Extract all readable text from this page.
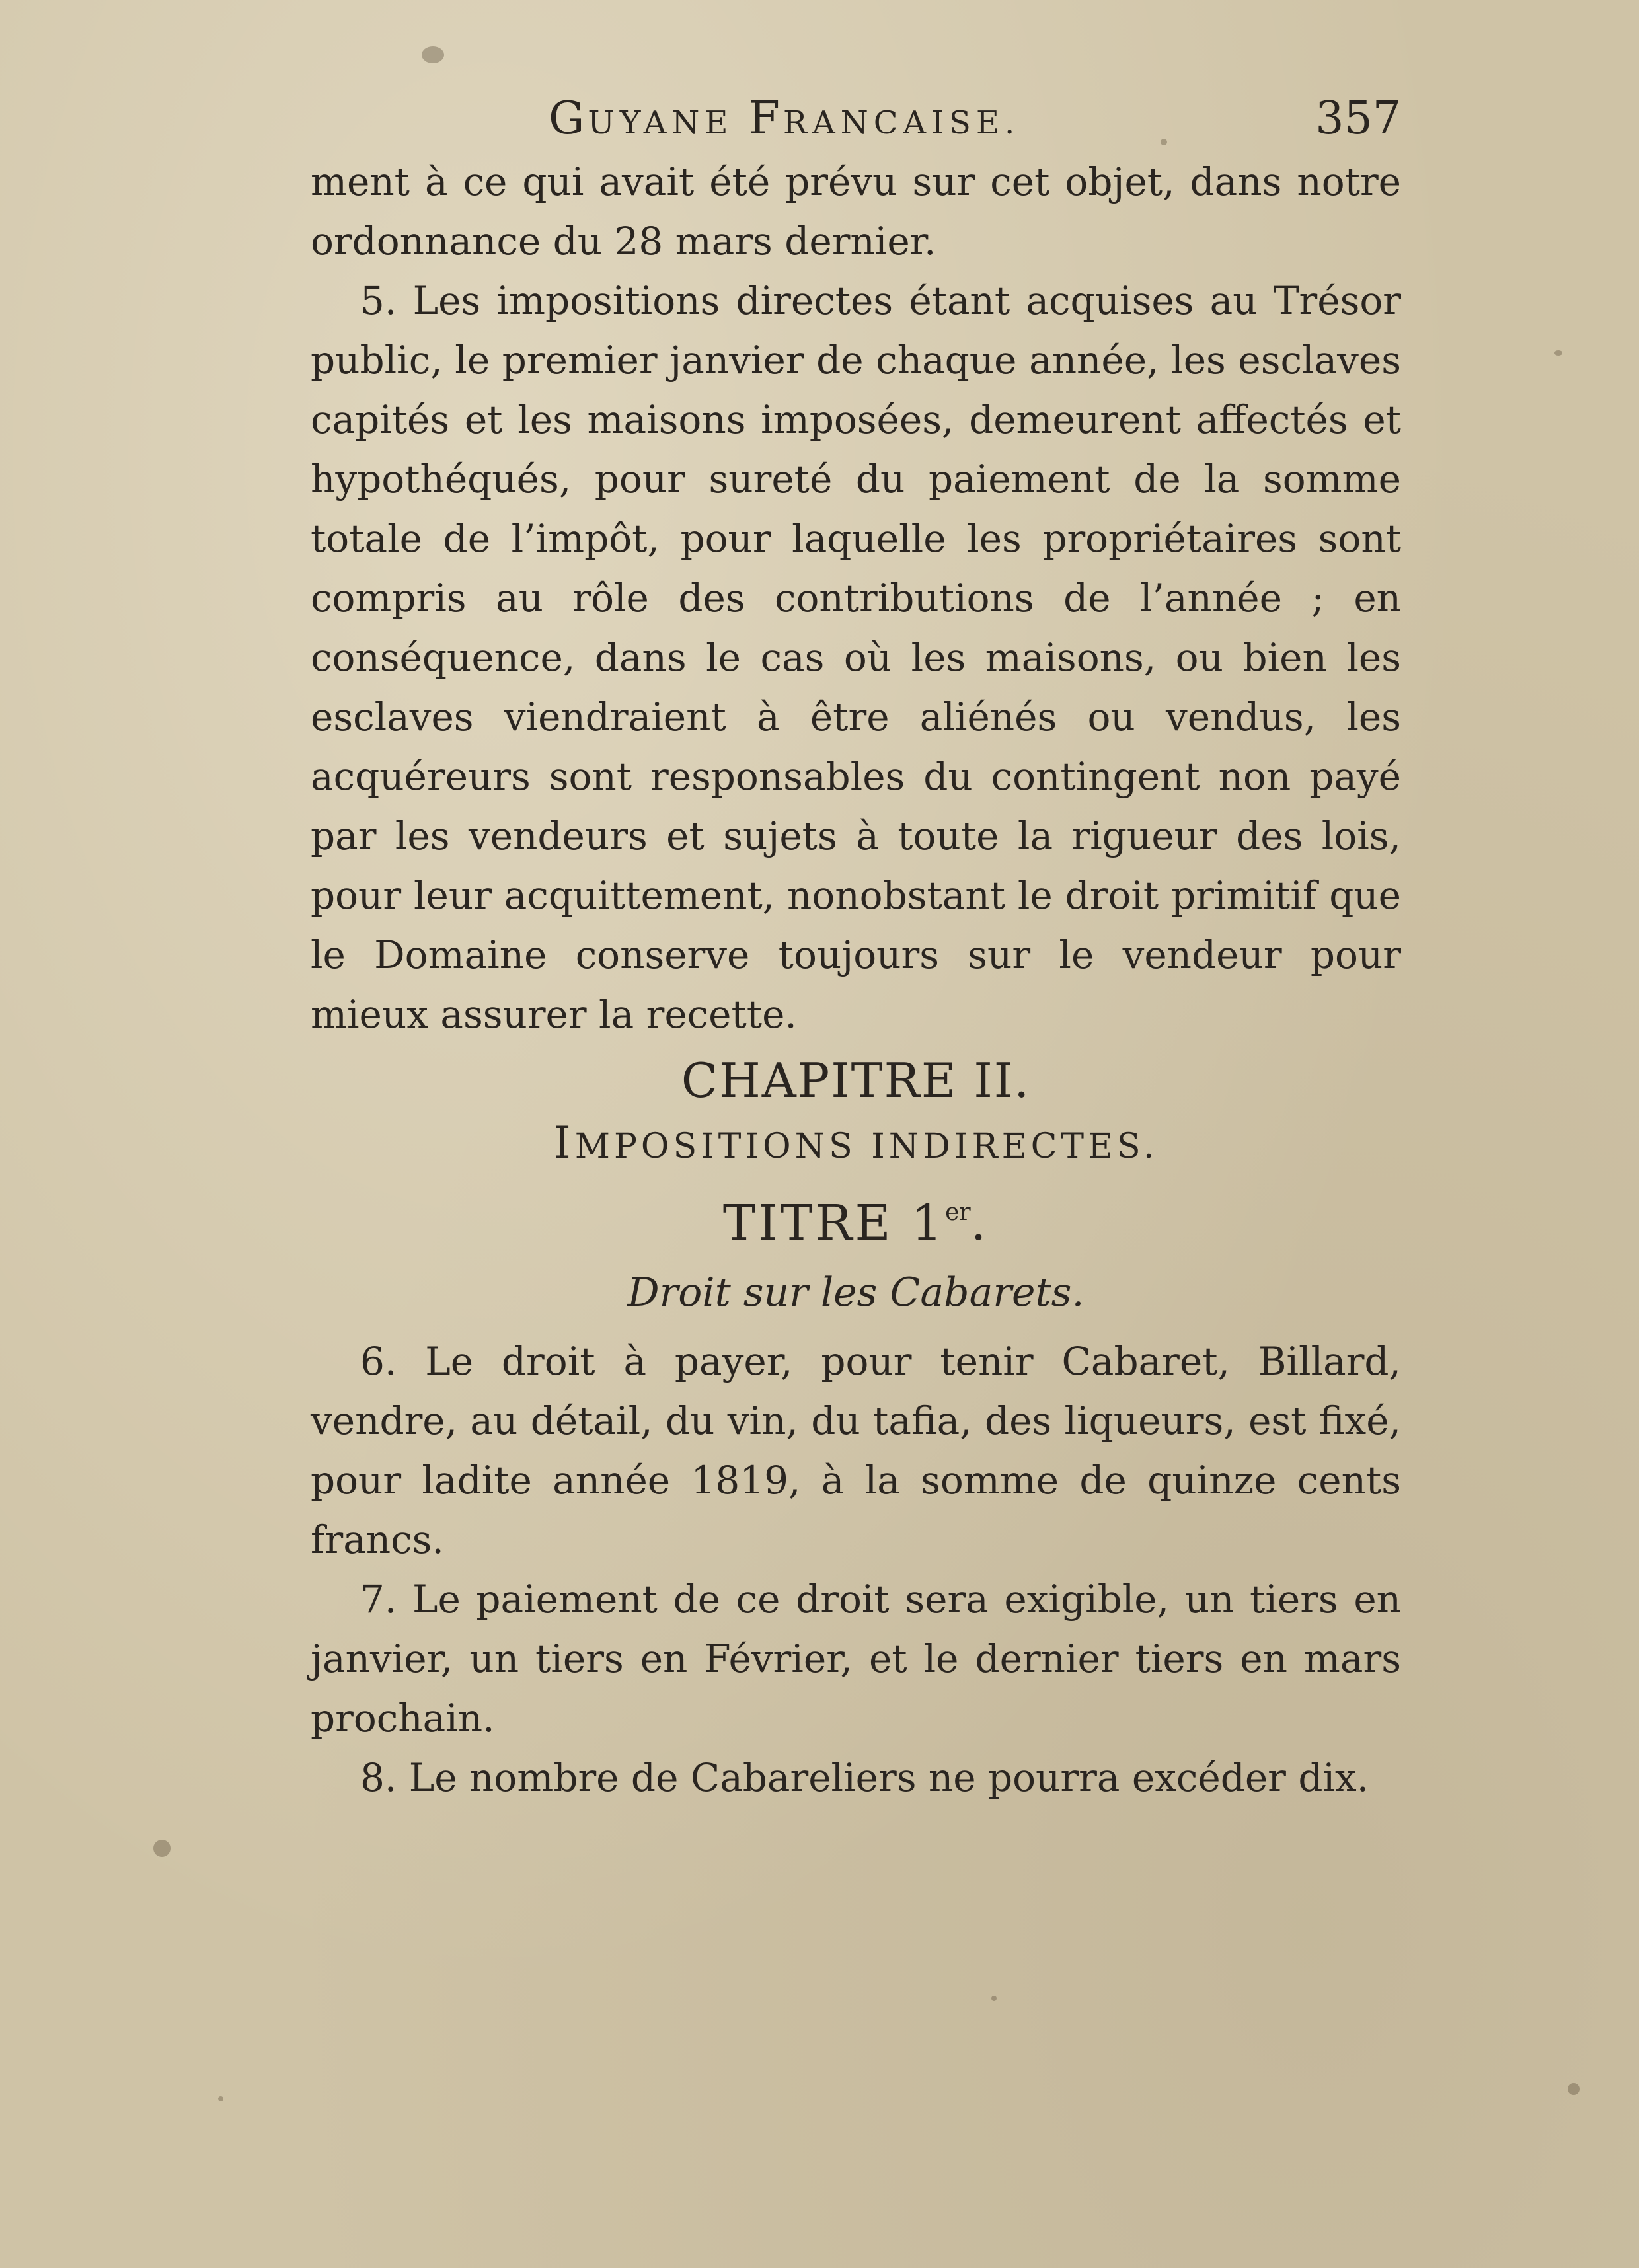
GUYANE FRANCAISE.	357

ment à ce qui avait été prévu sur cet objet, dans notre ordonnance du 28 mars dernier.

5. Les impositions directes étant acquises au Trésor public, le premier janvier de chaque année, les esclaves capités et les maisons imposées, demeurent affectés et hypothéqués, pour sureté du paiement de la somme totale de l’impôt, pour laquelle les propriétaires sont compris au rôle des contributions de l’année ; en conséquence, dans le cas où les maisons, ou bien les esclaves viendraient à être aliénés ou vendus, les acquéreurs sont responsables du contingent non payé par les vendeurs et sujets à toute la rigueur des lois, pour leur acquittement, nonobstant le droit primitif que le Domaine conserve toujours sur le vendeur pour mieux assurer la recette.

CHAPITRE II.

IMPOSITIONS INDIRECTES.

TITRE 1er.

Droit sur les Cabarets.

6. Le droit à payer, pour tenir Cabaret, Billard, vendre, au détail, du vin, du tafia, des liqueurs, est fixé, pour ladite année 1819, à la somme de quinze cents francs.

7. Le paiement de ce droit sera exigible, un tiers en janvier, un tiers en Février, et le dernier tiers en mars prochain.

8. Le nombre de Cabareliers ne pourra excéder dix.
